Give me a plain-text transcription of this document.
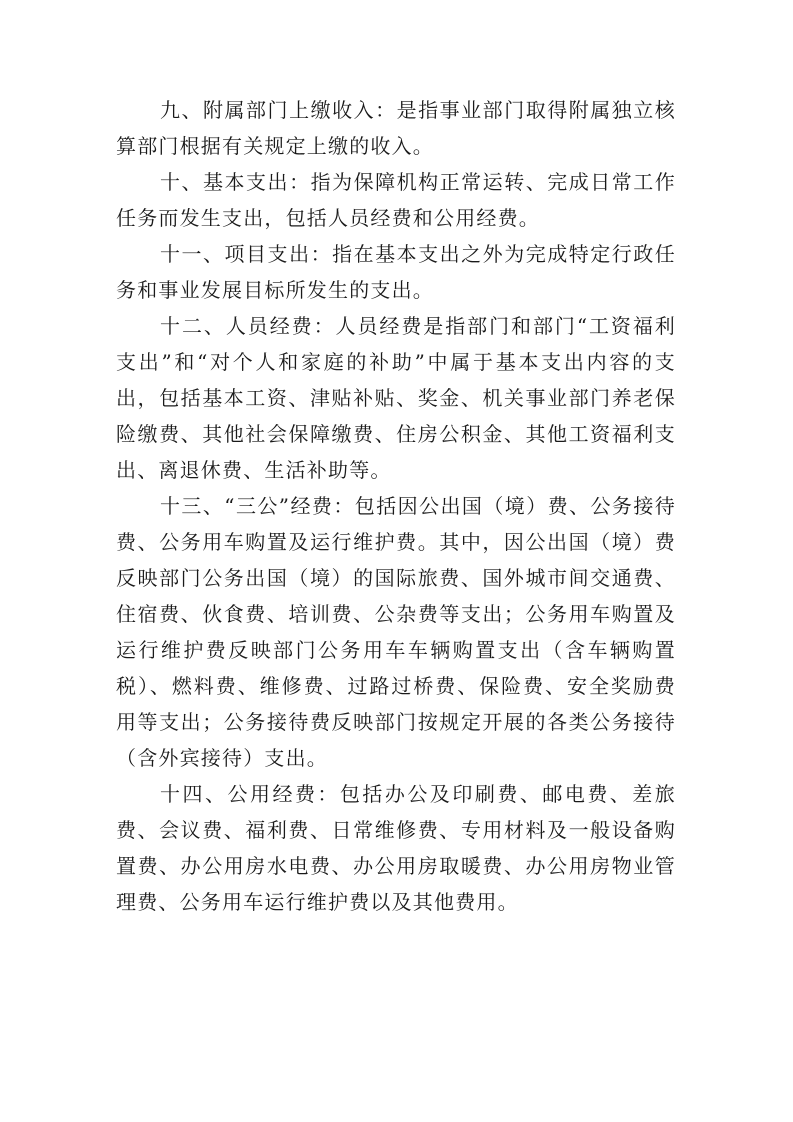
九、附属部门上缴收入：是指事业部门取得附属独立核算部门根据有关规定上缴的收入。

十、基本支出：指为保障机构正常运转、完成日常工作任务而发生支出，包括人员经费和公用经费。

十一、项目支出：指在基本支出之外为完成特定行政任务和事业发展目标所发生的支出。

十二、人员经费：人员经费是指部门和部门“工资福利支出”和“对个人和家庭的补助”中属于基本支出内容的支出，包括基本工资、津贴补贴、奖金、机关事业部门养老保险缴费、其他社会保障缴费、住房公积金、其他工资福利支出、离退休费、生活补助等。

十三、“三公”经费：包括因公出国（境）费、公务接待费、公务用车购置及运行维护费。其中，因公出国（境）费反映部门公务出国（境）的国际旅费、国外城市间交通费、住宿费、伙食费、培训费、公杂费等支出；公务用车购置及运行维护费反映部门公务用车车辆购置支出（含车辆购置税）、燃料费、维修费、过路过桥费、保险费、安全奖励费用等支出；公务接待费反映部门按规定开展的各类公务接待（含外宾接待）支出。

十四、公用经费：包括办公及印刷费、邮电费、差旅费、会议费、福利费、日常维修费、专用材料及一般设备购置费、办公用房水电费、办公用房取暖费、办公用房物业管理费、公务用车运行维护费以及其他费用。
